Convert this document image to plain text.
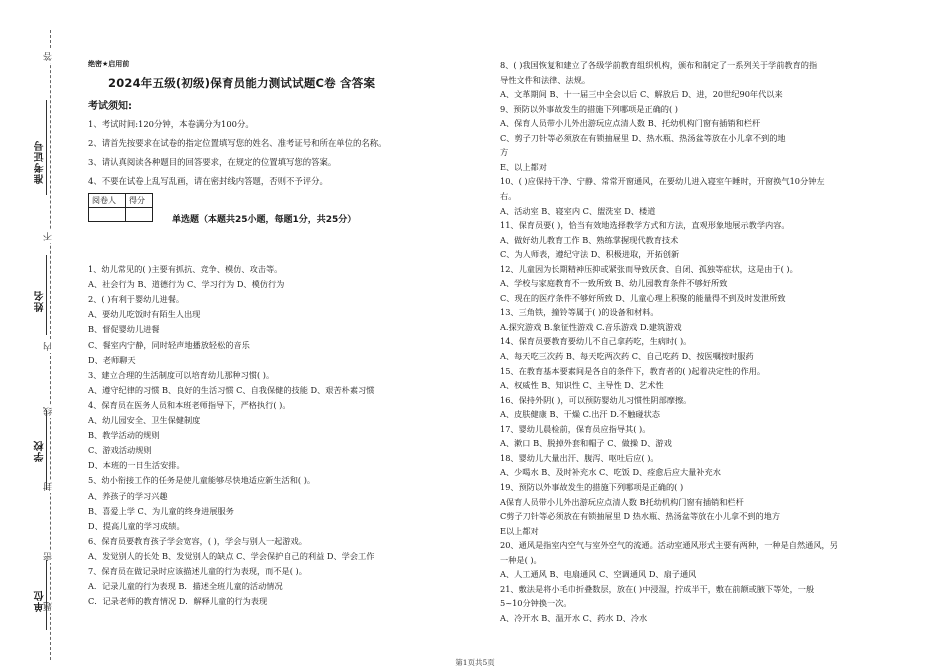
答
不
内
线
封
密
题
准考证号
姓名
学校
单位
绝密★启用前
2024年五级(初级)保育员能力测试试题C卷 含答案
考试须知:
1、考试时间:120分钟，本卷满分为100分。
2、请首先按要求在试卷的指定位置填写您的姓名、准考证号和所在单位的名称。
3、请认真阅读各种题目的回答要求，在规定的位置填写您的答案。
4、不要在试卷上乱写乱画，请在密封线内答题，否则不予评分。
阅卷人	得分

单选题（本题共25小题，每题1分，共25分）
1、幼儿常见的( )主要有抓抗、竞争、模仿、攻击等。
A、社会行为 B、道德行为 C、学习行为 D、模仿行为
2、( )有利于婴幼儿进餐。
A、要幼儿吃饭时有陌生人出现
B、督促婴幼儿进餐
C、餐室内宁静，同时轻声地播放轻松的音乐
D、老师聊天
3、建立合理的生活制度可以培育幼儿那种习惯( )。
A、遵守纪律的习惯 B、良好的生活习惯 C、自我保健的技能 D、艰苦朴素习惯
4、保育员在医务人员和本班老师指导下，严格执行( )。
A、幼儿园安全、卫生保健制度
B、教学活动的规则
C、游戏活动规则
D、本班的一日生活安排。
5、幼小衔接工作的任务是使儿童能够尽快地适应新生活和( )。
A、养孩子的学习兴趣
B、喜爱上学 C、为儿童的终身进展服务
D、提高儿童的学习成绩。
6、保育员要教育孩子学会宽容，( )，学会与别人一起游戏。
A、发觉别人的长处 B、发觉别人的缺点 C、学会保护自己的利益 D、学会工作
7、保育员在做记录时应该描述儿童的行为表现，而不是( )。
A．记录儿童的行为表现 B．描述全班儿童的活动情况
C．记录老师的教育情况 D．解释儿童的行为表现
8、( )我国恢复和建立了各级学前教育组织机构，颁布和制定了一系列关于学前教育的指
导性文件和法律、法规。
A、文革期间 B、十一届三中全会以后 C、解放后 D、进，20世纪90年代以来
9、预防以外事故发生的措施下列哪项是正确的( )
A、保育人员带小儿外出游玩应点清人数 B、托幼机构门窗有插销和栏杆
C、剪子刀针等必须放在有锁抽屉里 D、热水瓶、热汤盆等放在小儿拿不到的地
方
E、以上都对
10、( )应保持干净、宁静、常常开窗通风，在要幼儿进入寝室午睡时，开窗换气10分钟左
右。
A、活动室 B、寝室内 C、盥洗室 D、楼道
11、保育员要( )，恰当有效地选择教学方式和方法，直观形象地展示教学内容。
A、做好幼儿教育工作 B、熟练掌握现代教育技术
C、为人师表，遵纪守法 D、积极进取，开拓创新
12、儿童因为长期精神压抑或紧张而导致厌食、自闭、孤独等症状，这是由于( )。
A、学校与家庭教育不一致所致 B、幼儿园教育条件不够好所致
C、现在的医疗条件不够好所致 D、儿童心理上积聚的能量得不到及时发泄所致
13、三角铁，撞铃等属于( )的设备和材料。
A.探究游戏 B.象征性游戏 C.音乐游戏 D.建筑游戏
14、保育员要教育要幼儿不自己拿药吃，生病时( )。
A、每天吃三次药 B、每天吃两次药 C、自己吃药 D、按医嘱按时服药
15、在教育基本要素间是各自的条件下，教育者的( )起着决定性的作用。
A、权威性 B、知识性 C、主导性 D、艺术性
16、保持外阴( )，可以预防婴幼儿习惯性阴部摩擦。
A、皮肤健康 B、干燥 C.出汗 D.不触碰状态
17、婴幼儿晨检前，保育员应指导其( )。
A、漱口 B、脱掉外套和帽子 C、做操 D、游戏
18、婴幼儿大量出汗、腹泻、呕吐后应( )。
A、少喝水 B、及时补充水 C、吃饭 D、痊愈后应大量补充水
19、预防以外事故发生的措施下列哪项是正确的( )
A保育人员带小儿外出游玩应点清人数 B托幼机构门窗有插销和栏杆
C剪子刀针等必须放在有锁抽屉里 D 热水瓶、热汤盆等放在小儿拿不到的地方
E以上都对
20、通风是指室内空气与室外空气的流通。活动室通风形式主要有两种，一种是自然通风，另
一种是( )。
A、人工通风 B、电扇通风 C、空调通风 D、扇子通风
21、敷法是将小毛巾折叠数层，放在( )中浸湿，拧成半干，敷在前额或腋下等处，一般
5~10分钟换一次。
A、冷开水 B、温开水 C、药水 D、冷水
第1页共5页
